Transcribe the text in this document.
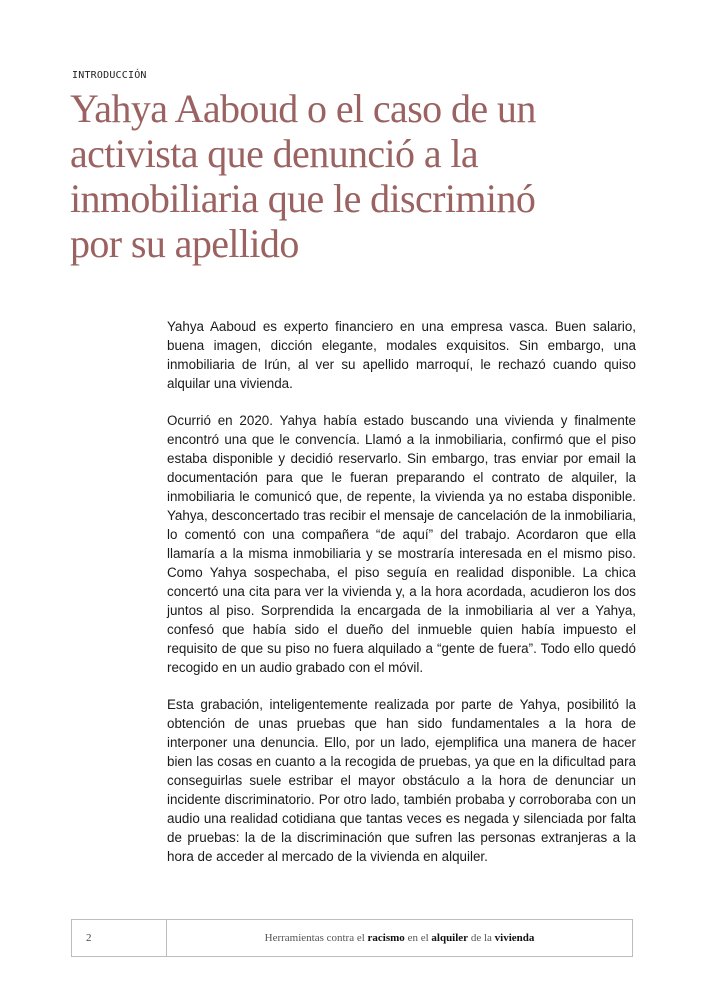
INTRODUCCIÓN
Yahya Aaboud o el caso de un activista que denunció a la inmobiliaria que le discriminó por su apellido

Yahya Aaboud es experto financiero en una empresa vasca. Buen salario, buena imagen, dicción elegante, modales exquisitos. Sin embargo, una inmobiliaria de Irún, al ver su apellido marroquí, le rechazó cuando quiso alquilar una vivienda.

Ocurrió en 2020. Yahya había estado buscando una vivienda y finalmente encontró una que le convencía. Llamó a la inmobiliaria, confirmó que el piso estaba disponible y decidió reservarlo. Sin embargo, tras enviar por email la documentación para que le fueran preparando el contrato de alquiler, la inmobiliaria le comunicó que, de repente, la vivienda ya no estaba disponible. Yahya, desconcertado tras recibir el mensaje de cancelación de la inmobiliaria, lo comentó con una compañera “de aquí” del trabajo. Acordaron que ella llamaría a la misma inmobiliaria y se mostraría interesada en el mismo piso. Como Yahya sospechaba, el piso seguía en realidad disponible. La chica concertó una cita para ver la vivienda y, a la hora acordada, acudieron los dos juntos al piso. Sorprendida la encargada de la inmobiliaria al ver a Yahya, confesó que había sido el dueño del inmueble quien había impuesto el requisito de que su piso no fuera alquilado a “gente de fuera”. Todo ello quedó recogido en un audio grabado con el móvil.

Esta grabación, inteligentemente realizada por parte de Yahya, posibilitó la obtención de unas pruebas que han sido fundamentales a la hora de interponer una denuncia. Ello, por un lado, ejemplifica una manera de hacer bien las cosas en cuanto a la recogida de pruebas, ya que en la dificultad para conseguirlas suele estribar el mayor obstáculo a la hora de denunciar un incidente discriminatorio. Por otro lado, también probaba y corroboraba con un audio una realidad cotidiana que tantas veces es negada y silenciada por falta de pruebas: la de la discriminación que sufren las personas extranjeras a la hora de acceder al mercado de la vivienda en alquiler.

2	Herramientas contra el racismo en el alquiler de la vivienda
